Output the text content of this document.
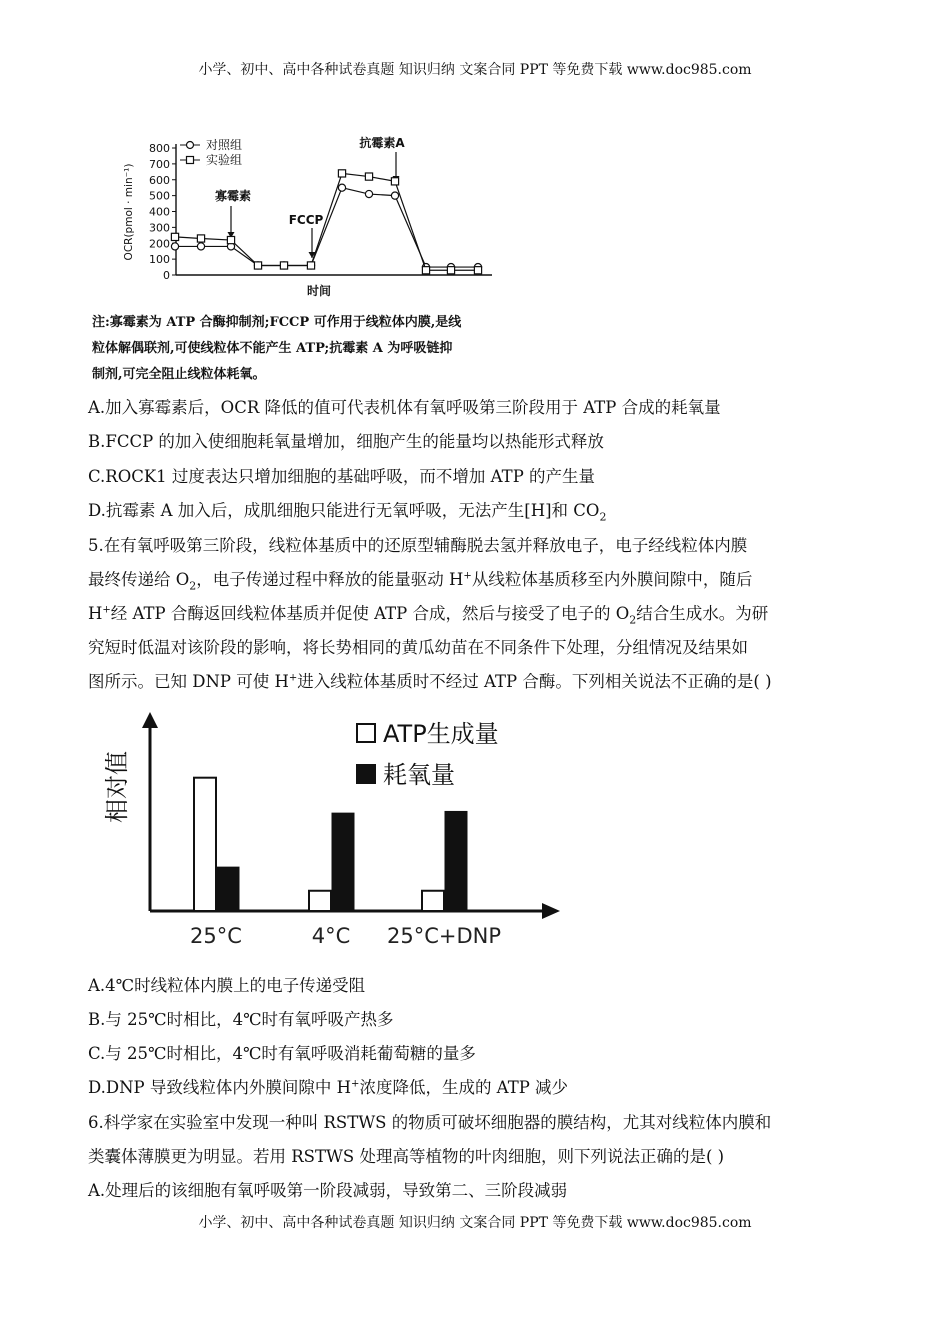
小学、初中、高中各种试卷真题 知识归纳 文案合同 PPT 等免费下载 www.doc985.com
0
100
200
300
400
500
600
700
800
时间
OCR(pmol · min⁻¹)
对照组
实验组
寡霉素
FCCP
抗霉素A
注:寡霉素为 ATP 合酶抑制剂;FCCP 可作用于线粒体内膜,是线
粒体解偶联剂,可使线粒体不能产生 ATP;抗霉素 A 为呼吸链抑
制剂,可完全阻止线粒体耗氧。
A.加入寡霉素后，OCR 降低的值可代表机体有氧呼吸第三阶段用于 ATP 合成的耗氧量
B.FCCP 的加入使细胞耗氧量增加，细胞产生的能量均以热能形式释放
C.ROCK1 过度表达只增加细胞的基础呼吸，而不增加 ATP 的产生量
D.抗霉素 A 加入后，成肌细胞只能进行无氧呼吸，无法产生[H]和 $CO_2$
5.在有氧呼吸第三阶段，线粒体基质中的还原型辅酶脱去氢并释放电子，电子经线粒体内膜
最终传递给 $O_2$，电子传递过程中释放的能量驱动 H+从线粒体基质移至内外膜间隙中，随后
H+经 ATP 合酶返回线粒体基质并促使 ATP 合成，然后与接受了电子的 $O_2$结合生成水。为研
究短时低温对该阶段的影响，将长势相同的黄瓜幼苗在不同条件下处理，分组情况及结果如
图所示。已知 DNP 可使 H+进入线粒体基质时不经过 ATP 合酶。下列相关说法不正确的是( )
相对值
ATP生成量
耗氧量
25°C	4°C 25°C+DNP
A.4℃时线粒体内膜上的电子传递受阻
B.与 25℃时相比，4℃时有氧呼吸产热多
C.与 25℃时相比，4℃时有氧呼吸消耗葡萄糖的量多
D.DNP 导致线粒体内外膜间隙中 H+浓度降低，生成的 ATP 减少
6.科学家在实验室中发现一种叫 RSTWS 的物质可破坏细胞器的膜结构，尤其对线粒体内膜和
类囊体薄膜更为明显。若用 RSTWS 处理高等植物的叶肉细胞，则下列说法正确的是( )
A.处理后的该细胞有氧呼吸第一阶段减弱，导致第二、三阶段减弱
小学、初中、高中各种试卷真题 知识归纳 文案合同 PPT 等免费下载 www.doc985.com
